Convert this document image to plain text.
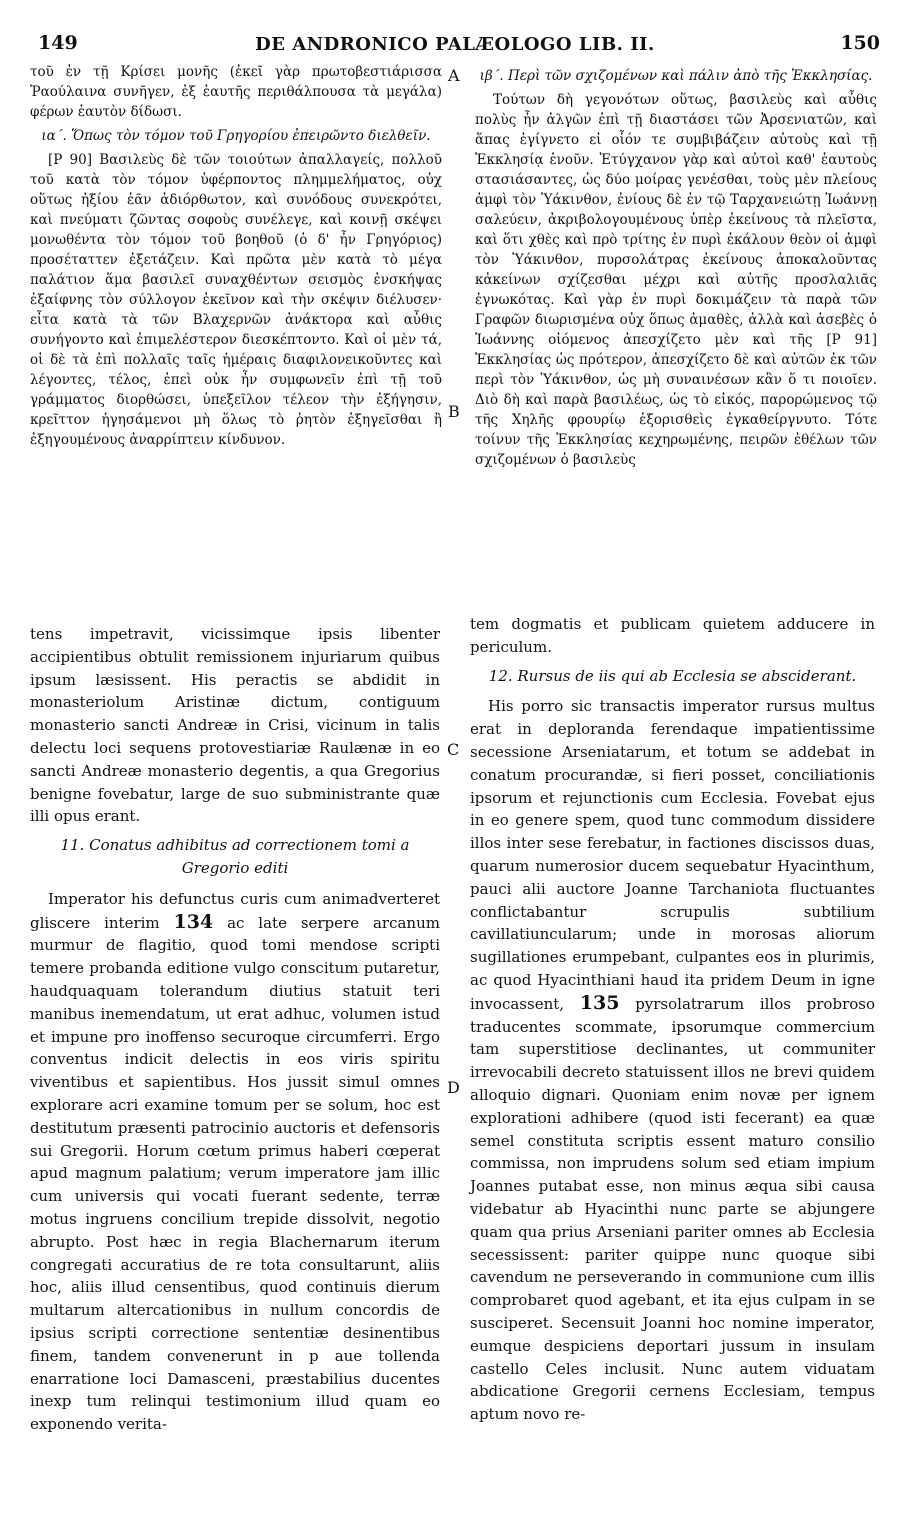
149	DE ANDRONICO PALÆOLOGO LIB. II.	150
A
B
C
D

τοῦ ἐν τῇ Κρίσει μονῆς (ἐκεῖ γὰρ πρωτοβεστιάρισσα Ῥαούλαινα συνῆγεν, ἐξ ἑαυτῆς περιθάλπουσα τὰ μεγάλα) φέρων ἑαυτὸν δίδωσι.

ια΄. Ὅπως τὸν τόμον τοῦ Γρηγορίου ἐπειρῶντο διελθεῖν.

[P 90] Βασιλεὺς δὲ τῶν τοιούτων ἀπαλλαγείς, πολλοῦ τοῦ κατὰ τὸν τόμον ὑφέρποντος πλημμελήματος, οὐχ οὕτως ἠξίου ἐᾶν ἀδιόρθωτον, καὶ συνόδους συνεκρότει, καὶ πνεύματι ζῶντας σοφοὺς συνέλεγε, καὶ κοινῇ σκέψει μονωθέντα τὸν τόμον τοῦ βοηθοῦ (ὁ δ' ἦν Γρηγόριος) προσέταττεν ἐξετάζειν. Καὶ πρῶτα μὲν κατὰ τὸ μέγα παλάτιον ἅμα βασιλεῖ συναχθέντων σεισμὸς ἐνσκήψας ἐξαίφνης τὸν σύλλογον ἐκεῖνον καὶ τὴν σκέψιν διέλυσεν· εἶτα κατὰ τὰ τῶν Βλαχερνῶν ἀνάκτορα καὶ αὖθις συνήγοντο καὶ ἐπιμελέστερον διεσκέπτοντο. Καὶ οἱ μὲν τά, οἱ δὲ τὰ ἐπὶ πολλαῖς ταῖς ἡμέραις διαφιλονεικοῦντες καὶ λέγοντες, τέλος, ἐπεὶ οὐκ ἦν συμφωνεῖν ἐπὶ τῇ τοῦ γράμματος διορθώσει, ὑπεξεῖλον τέλεον τὴν ἐξήγησιν, κρεῖττον ἡγησάμενοι μὴ ὅλως τὸ ῥητὸν ἐξηγεῖσθαι ἢ ἐξηγουμένους ἀναρρίπτειν κίνδυνον.

ιβ΄. Περὶ τῶν σχιζομένων καὶ πάλιν ἀπὸ τῆς Ἐκκλησίας.

Τούτων δὴ γεγονότων οὕτως, βασιλεὺς καὶ αὖθις πολὺς ἦν ἀλγῶν ἐπὶ τῇ διαστάσει τῶν Ἀρσενιατῶν, καὶ ἅπας ἐγίγνετο εἰ οἷόν τε συμβιβάζειν αὐτοὺς καὶ τῇ Ἐκκλησίᾳ ἑνοῦν. Ἐτύγχανον γὰρ καὶ αὐτοὶ καθ' ἑαυτοὺς στασιάσαντες, ὡς δύο μοίρας γενέσθαι, τοὺς μὲν πλείους ἀμφὶ τὸν Ὑάκινθον, ἐνίους δὲ ἐν τῷ Ταρχανειώτῃ Ἰωάννῃ σαλεύειν, ἀκριβολογουμένους ὑπὲρ ἐκείνους τὰ πλεῖστα, καὶ ὅτι χθὲς καὶ πρὸ τρίτης ἐν πυρὶ ἐκάλουν θεὸν οἱ ἀμφὶ τὸν Ὑάκινθον, πυρσολάτρας ἐκείνους ἀποκαλοῦντας κἀκείνων σχίζεσθαι μέχρι καὶ αὐτῆς προσλαλιᾶς ἐγνωκότας. Καὶ γὰρ ἐν πυρὶ δοκιμάζειν τὰ παρὰ τῶν Γραφῶν διωρισμένα οὐχ ὅπως ἀμαθὲς, ἀλλὰ καὶ ἀσεβὲς ὁ Ἰωάννης οἰόμενος ἀπεσχίζετο μὲν καὶ τῆς [P 91] Ἐκκλησίας ὡς πρότερον, ἀπεσχίζετο δὲ καὶ αὐτῶν ἐκ τῶν περὶ τὸν Ὑάκινθον, ὡς μὴ συναινέσων κἂν ὅ τι ποιοῖεν. Διὸ δὴ καὶ παρὰ βασιλέως, ὡς τὸ εἰκός, παρορώμενος τῷ τῆς Χηλῆς φρουρίῳ ἐξορισθεὶς ἐγκαθείργνυτο. Τότε τοίνυν τῆς Ἐκκλησίας κεχηρωμένης, πειρῶν ἐθέλων τῶν σχιζομένων ὁ βασιλεὺς

tens impetravit, vicissimque ipsis libenter accipientibus obtulit remissionem injuriarum quibus ipsum læsissent. His peractis se abdidit in monasteriolum Aristinæ dictum, contiguum monasterio sancti Andreæ in Crisi, vicinum in talis delectu loci sequens protovestiariæ Raulænæ in eo sancti Andreæ monasterio degentis, a qua Gregorius benigne fovebatur, large de suo subministrante quæ illi opus erant.

11. Conatus adhibitus ad correctionem tomi a Gregorio editi

Imperator his defunctus curis cum animadverteret gliscere interim 134 ac late serpere arcanum murmur de flagitio, quod tomi mendose scripti temere probanda editione vulgo conscitum putaretur, haudquaquam tolerandum diutius statuit teri manibus inemendatum, ut erat adhuc, volumen istud et impune pro inoffenso securoque circumferri. Ergo conventus indicit delectis in eos viris spiritu viventibus et sapientibus. Hos jussit simul omnes explorare acri examine tomum per se solum, hoc est destitutum præsenti patrocinio auctoris et defensoris sui Gregorii. Horum cœtum primus haberi cœperat apud magnum palatium; verum imperatore jam illic cum universis qui vocati fuerant sedente, terræ motus ingruens concilium trepide dissolvit, negotio abrupto. Post hæc in regia Blachernarum iterum congregati accuratius de re tota consultarunt, aliis hoc, aliis illud censentibus, quod continuis dierum multarum altercationibus in nullum concordis de ipsius scripti correctione sententiæ desinentibus finem, tandem convenerunt in p aue tollenda enarratione loci Damasceni, præstabilius ducentes inexp tum relinqui testimonium illud quam eo exponendo verita-

tem dogmatis et publicam quietem adducere in periculum.

12. Rursus de iis qui ab Ecclesia se absciderant.

His porro sic transactis imperator rursus multus erat in deploranda ferendaque impatientissime secessione Arseniatarum, et totum se addebat in conatum procurandæ, si fieri posset, conciliationis ipsorum et rejunctionis cum Ecclesia. Fovebat ejus in eo genere spem, quod tunc commodum dissidere illos inter sese ferebatur, in factiones discissos duas, quarum numerosior ducem sequebatur Hyacinthum, pauci alii auctore Joanne Tarchaniota fluctuantes conflictabantur scrupulis subtilium cavillatiuncularum; unde in morosas aliorum sugillationes erumpebant, culpantes eos in plurimis, ac quod Hyacinthiani haud ita pridem Deum in igne invocassent, 135 pyrsolatrarum illos probroso traducentes scommate, ipsorumque commercium tam superstitiose declinantes, ut communiter irrevocabili decreto statuissent illos ne brevi quidem alloquio dignari. Quoniam enim novæ per ignem explorationi adhibere (quod isti fecerant) ea quæ semel constituta scriptis essent maturo consilio commissa, non imprudens solum sed etiam impium Joannes putabat esse, non minus æqua sibi causa videbatur ab Hyacinthi nunc parte se abjungere quam qua prius Arseniani pariter omnes ab Ecclesia secessissent: pariter quippe nunc quoque sibi cavendum ne perseverando in communione cum illis comprobaret quod agebant, et ita ejus culpam in se susciperet. Secensuit Joanni hoc nomine imperator, eumque despiciens deportari jussum in insulam castello Celes inclusit. Nunc autem viduatam abdicatione Gregorii cernens Ecclesiam, tempus aptum novo re-
